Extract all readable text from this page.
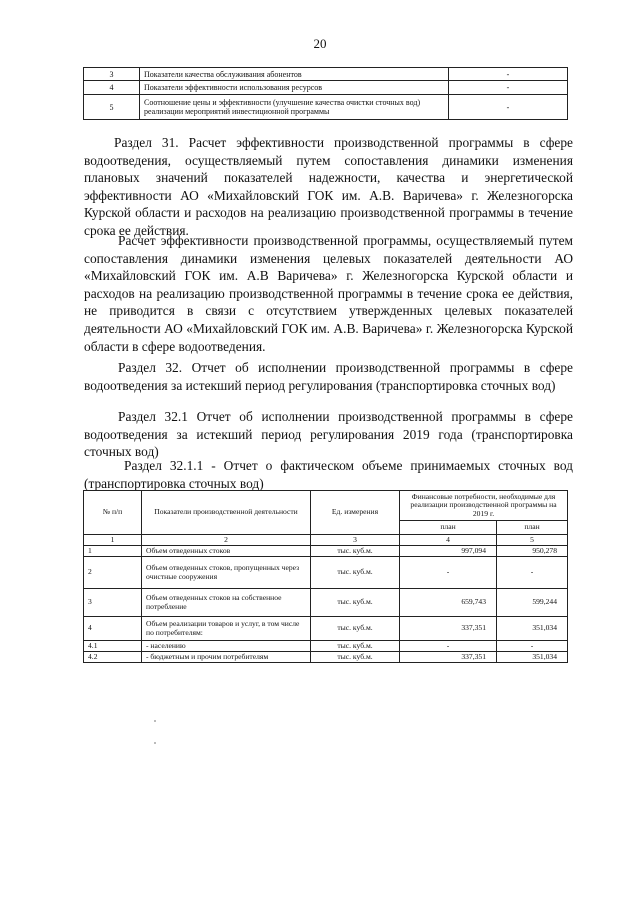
20
3	Показатели качества обслуживания абонентов	-
4	Показатели эффективности использования ресурсов	-
5	Соотношение цены и эффективности (улучшение качества очистки сточных вод) реализации мероприятий инвестиционной программы	-

Раздел 31. Расчет эффективности производственной программы в сфере водоотведения, осуществляемый путем сопоставления динамики изменения плановых значений показателей надежности, качества и энергетической эффективности АО «Михайловский ГОК им. А.В. Варичева» г. Железногорска Курской области и расходов на реализацию производственной программы в течение срока ее действия.

Расчет эффективности производственной программы, осуществляемый путем сопоставления динамики изменения целевых показателей деятельности АО «Михайловский ГОК им. А.В Варичева» г. Железногорска Курской области и расходов на реализацию производственной программы в течение срока ее действия, не приводится в связи с отсутствием утвержденных целевых показателей деятельности АО «Михайловский ГОК им. А.В. Варичева» г. Железногорска Курской области в сфере водоотведения.

Раздел 32. Отчет об исполнении производственной программы в сфере водоотведения за истекший период регулирования (транспортировка сточных вод)

Раздел 32.1 Отчет об исполнении производственной программы в сфере водоотведения за истекший период регулирования 2019 года (транспортировка сточных вод)

Раздел 32.1.1 - Отчет о фактическом объеме принимаемых сточных вод (транспортировка сточных вод)

№ п/п	Показатели производственной деятельности	Ед. измерения	Финансовые потребности, необходимые для реализации производственной программы на 2019 г.	
			план	план
1	2	3	4	5
1	Объем отведенных стоков	тыс. куб.м.	997,094	950,278
2	Объем отведенных стоков, пропущенных через очистные сооружения	тыс. куб.м.	-	-
3	Объем отведенных стоков на собственное потребление	тыс. куб.м.	659,743	599,244
4	Объем реализации товаров и услуг, в том числе по потребителям:	тыс. куб.м.	337,351	351,034
4.1	- населению	тыс. куб.м.	-	-
4.2	- бюджетным и прочим потребителям	тыс. куб.м.	337,351	351,034
